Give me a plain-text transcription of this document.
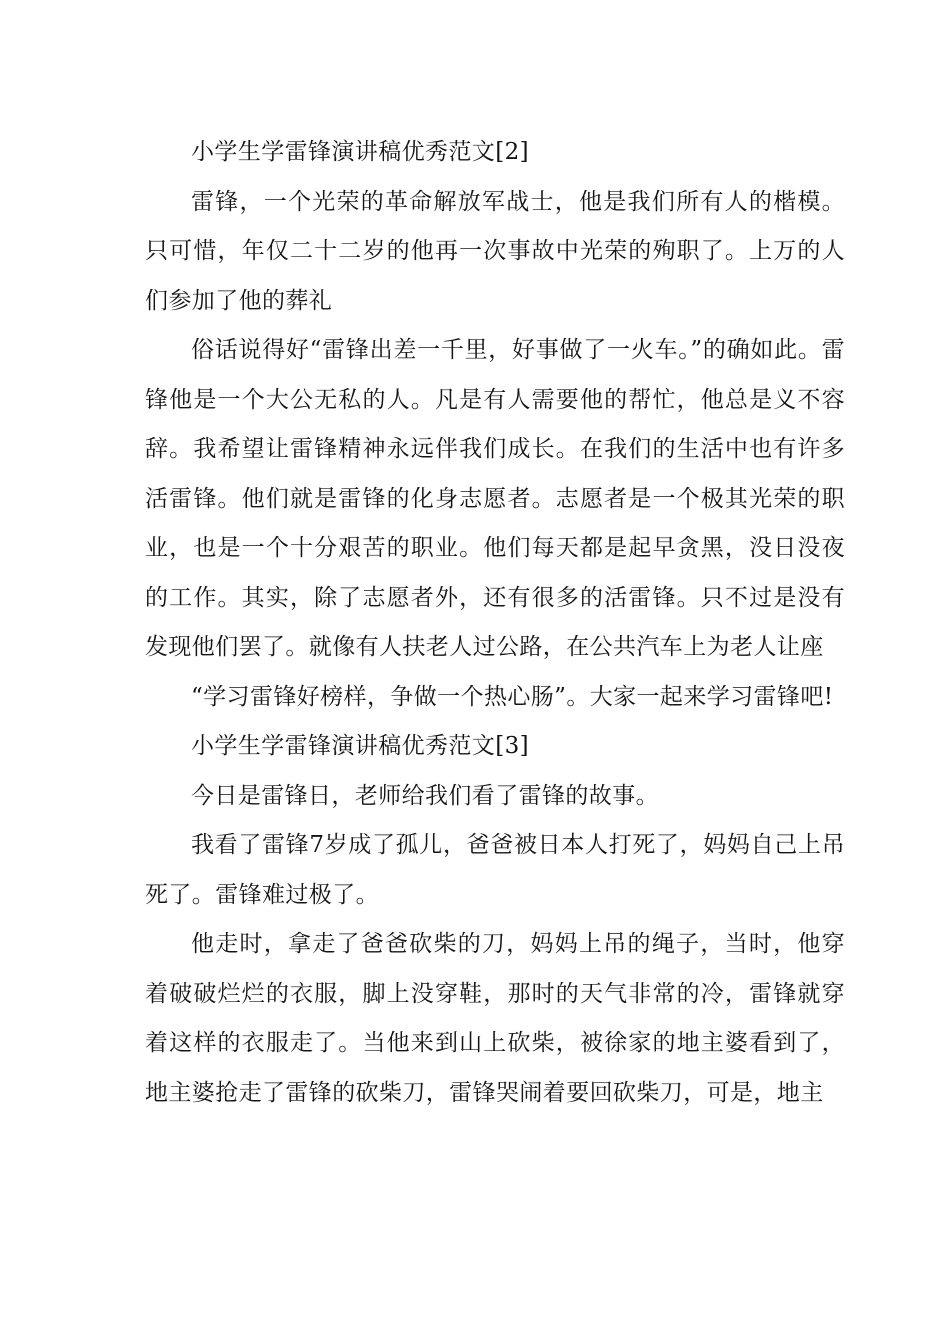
小学生学雷锋演讲稿优秀范文[2]

雷锋，一个光荣的革命解放军战士，他是我们所有人的楷模。只可惜，年仅二十二岁的他再一次事故中光荣的殉职了。上万的人们参加了他的葬礼

俗话说得好“雷锋出差一千里，好事做了一火车。”的确如此。雷锋他是一个大公无私的人。凡是有人需要他的帮忙，他总是义不容辞。我希望让雷锋精神永远伴我们成长。在我们的生活中也有许多活雷锋。他们就是雷锋的化身志愿者。志愿者是一个极其光荣的职业，也是一个十分艰苦的职业。他们每天都是起早贪黑，没日没夜的工作。其实，除了志愿者外，还有很多的活雷锋。只不过是没有发现他们罢了。就像有人扶老人过公路，在公共汽车上为老人让座

“学习雷锋好榜样，争做一个热心肠”。大家一起来学习雷锋吧!

小学生学雷锋演讲稿优秀范文[3]

今日是雷锋日，老师给我们看了雷锋的故事。

我看了雷锋7岁成了孤儿，爸爸被日本人打死了，妈妈自己上吊死了。雷锋难过极了。

他走时，拿走了爸爸砍柴的刀，妈妈上吊的绳子，当时，他穿着破破烂烂的衣服，脚上没穿鞋，那时的天气非常的冷，雷锋就穿着这样的衣服走了。当他来到山上砍柴，被徐家的地主婆看到了，地主婆抢走了雷锋的砍柴刀，雷锋哭闹着要回砍柴刀，可是，地主
